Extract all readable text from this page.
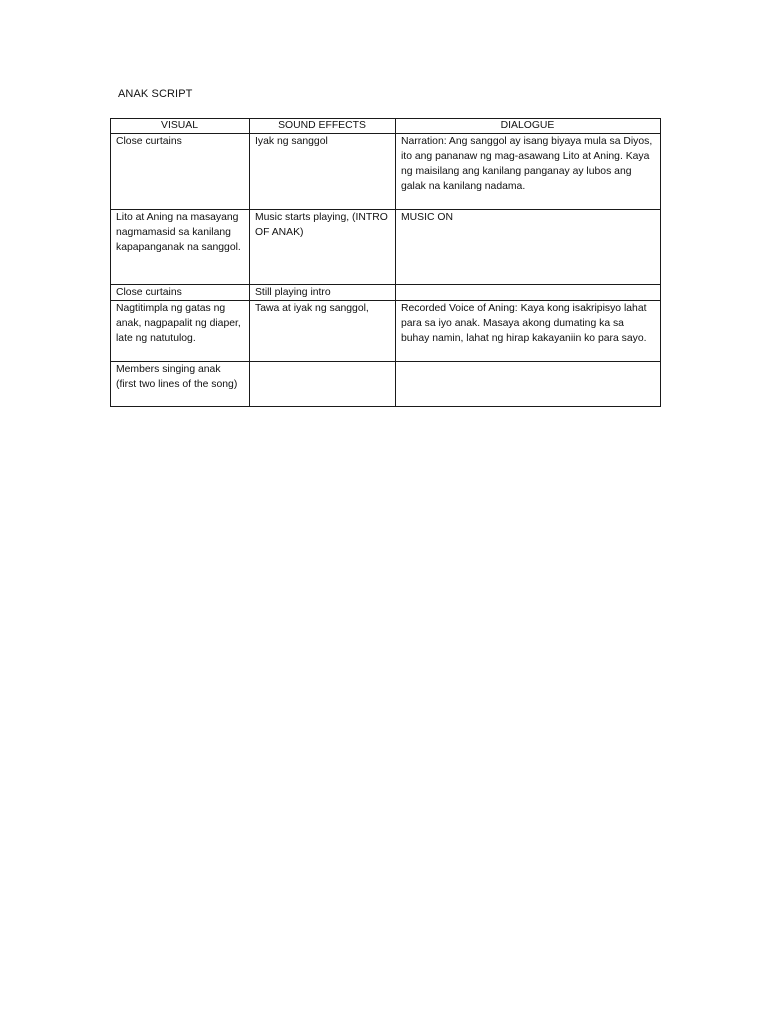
ANAK SCRIPT
VISUAL	SOUND EFFECTS	DIALOGUE
Close curtains	Iyak ng sanggol	Narration: Ang sanggol ay isang biyaya mula sa Diyos, ito ang pananaw ng mag-asawang Lito at Aning. Kaya ng maisilang ang kanilang panganay ay lubos ang galak na kanilang nadama.
Lito at Aning na masayang nagmamasid sa kanilang kapapanganak na sanggol.	Music starts playing, (INTRO OF ANAK)	MUSIC ON
Close curtains	Still playing intro	
Nagtitimpla ng gatas ng anak, nagpapalit ng diaper, late ng natutulog.	Tawa at iyak ng sanggol,	Recorded Voice of Aning: Kaya kong isakripisyo lahat para sa iyo anak. Masaya akong dumating ka sa buhay namin, lahat ng hirap kakayaniin ko para sayo.
Members singing anak (first two lines of the song)		
